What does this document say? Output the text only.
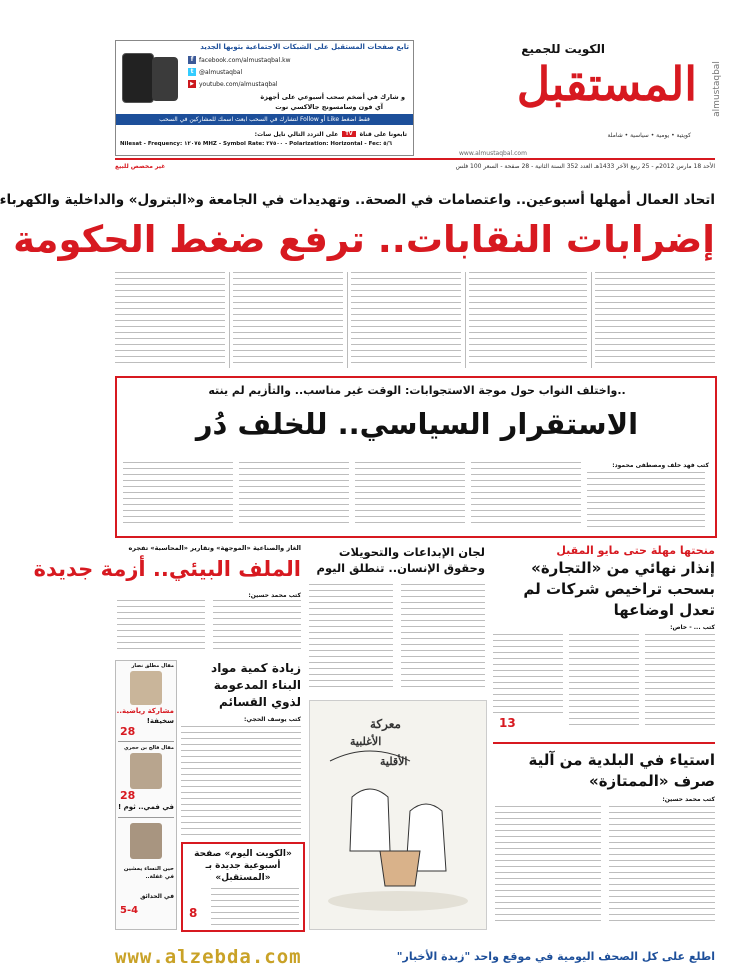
تابع صفحات المستقبل على الشبكات الاجتماعية بثوبها الجديد
f facebook.com/almustaqbal.kw
t @almustaqbal
▶ youtube.com/almustaqbal
و شارك في أضخم سحب أسبوعي على أجهزة
آي فون وسامسونج جالاكسي نوت
فقط اضغط Like أو Follow لتشارك في السحب ابعث اسمك للمشاركين في السحب
تابعونا على قناة
TV
على التردد التالي نايل سات:
Nilesat - Frequency: ١٢٠٧٥ MHZ - Symbol Rate: ٢٧٥٠٠ - Polarization: Horizontal - Fec: ٥/٦
الكويت للجميع
المستقبل almustaqbal
كويتية • يومية • سياسية • شاملة
www.almustaqbal.com
الأحد 18 مارس 2012م - 25 ربيع الآخر 1433هـ العدد 352 السنة الثانية - 28 صفحة - السعر 100 فلس
غير مخصص للبيع
اتحاد العمال أمهلها أسبوعين.. واعتصامات في الصحة.. وتهديدات في الجامعة و«البترول» والداخلية والكهرباء
إضرابات النقابات.. ترفع ضغط الحكومة
..واختلف النواب حول موجة الاستجوابات: الوقت غير مناسب.. والتأزيم لم ينته
الاستقرار السياسي.. للخلف دُر
كتب فهد خلف ومصطفى محمود:
منحتها مهلة حتى مايو المقبل
إنذار نهائي من «التجارة» بسحب تراخيص شركات لم تعدل اوضاعها
كتب ... - خاص:
13
استياء في البلدية من آلية صرف «الممتازة»
كتب محمد حسين:
لجان الإبداعات والتحويلات وحقوق الإنسان.. تنطلق اليوم
معركة
الأغلبية
الأقلية
الغاز والصناعية «الموجهة» وتقارير «المحاسبة» تفجره
الملف البيئي.. أزمة جديدة
كتب محمد حسين:
زيادة كمية مواد البناء المدعومة لذوي القسائم
كتب يوسف الحجي:
«الكويت اليوم» صفحة أسبوعية جديدة بـ «المستقبل»
8
مقال مطلق نصار
مشاركة رياضية..
سخيفة!
28
مقال فالح بن حجري
28
في فمي.. ثوم !
حين النساء يمشين في غفلة..
في الحدائق
5-4
www.alzebda.com	اطلع على كل الصحف اليومية في موقع واحد "زبدة الأخبار"
